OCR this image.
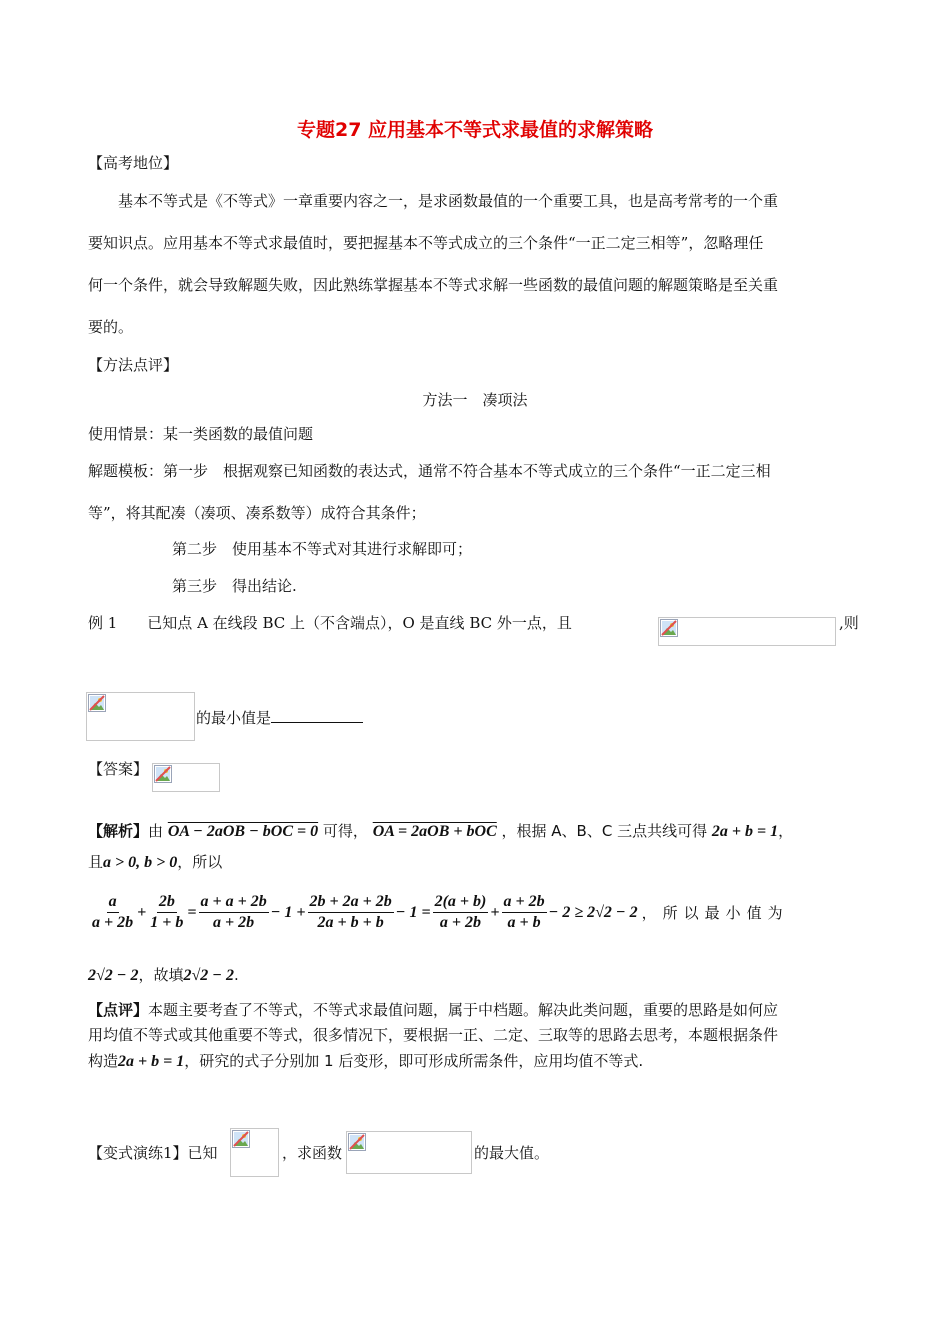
专题27 应用基本不等式求最值的求解策略
【高考地位】
基本不等式是《不等式》一章重要内容之一，是求函数最值的一个重要工具，也是高考常考的一个重
要知识点。应用基本不等式求最值时，要把握基本不等式成立的三个条件“一正二定三相等”，忽略理任
何一个条件，就会导致解题失败，因此熟练掌握基本不等式求解一些函数的最值问题的解题策略是至关重
要的。
【方法点评】
方法一　凑项法
使用情景：某一类函数的最值问题
解题模板：第一步　根据观察已知函数的表达式，通常不符合基本不等式成立的三个条件“一正二定三相
等”，将其配凑（凑项、凑系数等）成符合其条件；
第二步　使用基本不等式对其进行求解即可；
第三步　得出结论.
例 1　　已知点 A 在线段 BC 上（不含端点），O 是直线 BC 外一点，且	,则
的最小值是
【答案】
【解析】由 OA − 2aOB − bOC = 0 可得， OA = 2aOB + bOC ，根据 A、B、C 三点共线可得 2a + b = 1，
且a > 0, b > 0，所以
$\frac{a}{a + 2b} + \frac{2b}{1 + b} = \frac{a + a + 2b}{a + 2b} - 1 + \frac{2b + 2a + 2b}{2a + b + b} - 1 = \frac{2(a + b)}{a + 2b} + \frac{a + 2b}{a + b} - 2 \ge 2√2 - 2$ ，所以最小值为
2√2 − 2，故填2√2 − 2.
【点评】本题主要考查了不等式，不等式求最值问题，属于中档题。解决此类问题，重要的思路是如何应
用均值不等式或其他重要不等式，很多情况下，要根据一正、二定、三取等的思路去思考，本题根据条件
构造2a + b = 1，研究的式子分别加 1 后变形，即可形成所需条件，应用均值不等式.
【变式演练1】已知	，求函数	的最大值。
